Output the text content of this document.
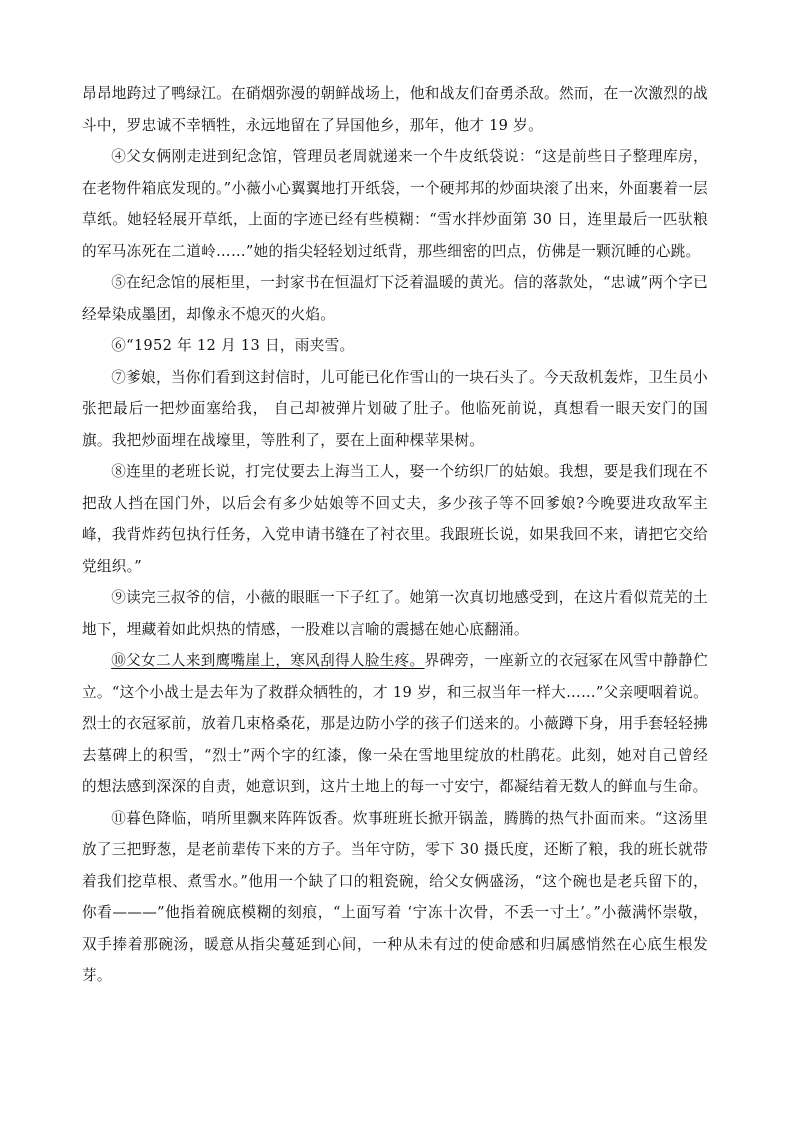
昂昂地跨过了鸭绿江。在硝烟弥漫的朝鲜战场上，他和战友们奋勇杀敌。然而，在一次激烈的战斗中，罗忠诚不幸牺牲，永远地留在了异国他乡，那年，他才 19 岁。

④父女俩刚走进到纪念馆，管理员老周就递来一个牛皮纸袋说：“这是前些日子整理库房，在老物件箱底发现的。”小薇小心翼翼地打开纸袋，一个硬邦邦的炒面块滚了出来，外面裹着一层草纸。她轻轻展开草纸，上面的字迹已经有些模糊：“雪水拌炒面第 30 日，连里最后一匹驮粮的军马冻死在二道岭……”她的指尖轻轻划过纸背，那些细密的凹点，仿佛是一颗沉睡的心跳。

⑤在纪念馆的展柜里，一封家书在恒温灯下泛着温暖的黄光。信的落款处，“忠诚”两个字已经晕染成墨团，却像永不熄灭的火焰。

⑥“1952 年 12 月 13 日，雨夹雪。

⑦爹娘，当你们看到这封信时，儿可能已化作雪山的一块石头了。今天敌机轰炸，卫生员小张把最后一把炒面塞给我， 自己却被弹片划破了肚子。他临死前说，真想看一眼天安门的国旗。我把炒面埋在战壕里，等胜利了，要在上面种棵苹果树。

⑧连里的老班长说，打完仗要去上海当工人，娶一个纺织厂的姑娘。我想，要是我们现在不把敌人挡在国门外，以后会有多少姑娘等不回丈夫，多少孩子等不回爹娘?今晚要进攻敌军主峰，我背炸药包执行任务，入党申请书缝在了衬衣里。我跟班长说，如果我回不来，请把它交给党组织。”

⑨读完三叔爷的信，小薇的眼眶一下子红了。她第一次真切地感受到，在这片看似荒芜的土地下，埋藏着如此炽热的情感，一股难以言喻的震撼在她心底翻涌。

⑩父女二人来到鹰嘴崖上，寒风刮得人脸生疼。界碑旁，一座新立的衣冠冢在风雪中静静伫立。“这个小战士是去年为了救群众牺牲的，才 19 岁，和三叔当年一样大……”父亲哽咽着说。烈士的衣冠冢前，放着几束格桑花，那是边防小学的孩子们送来的。小薇蹲下身，用手套轻轻拂去墓碑上的积雪，“烈士”两个字的红漆，像一朵在雪地里绽放的杜鹃花。此刻，她对自己曾经的想法感到深深的自责，她意识到，这片土地上的每一寸安宁，都凝结着无数人的鲜血与生命。

⑪暮色降临，哨所里飘来阵阵饭香。炊事班班长掀开锅盖，腾腾的热气扑面而来。“这汤里放了三把野葱，是老前辈传下来的方子。当年守防，零下 30 摄氏度，还断了粮，我的班长就带着我们挖草根、煮雪水。”他用一个缺了口的粗瓷碗，给父女俩盛汤，“这个碗也是老兵留下的，你看———”他指着碗底模糊的刻痕，“上面写着 ‘宁冻十次骨，不丢一寸土’。”小薇满怀崇敬，双手捧着那碗汤，暖意从指尖蔓延到心间，一种从未有过的使命感和归属感悄然在心底生根发芽。
